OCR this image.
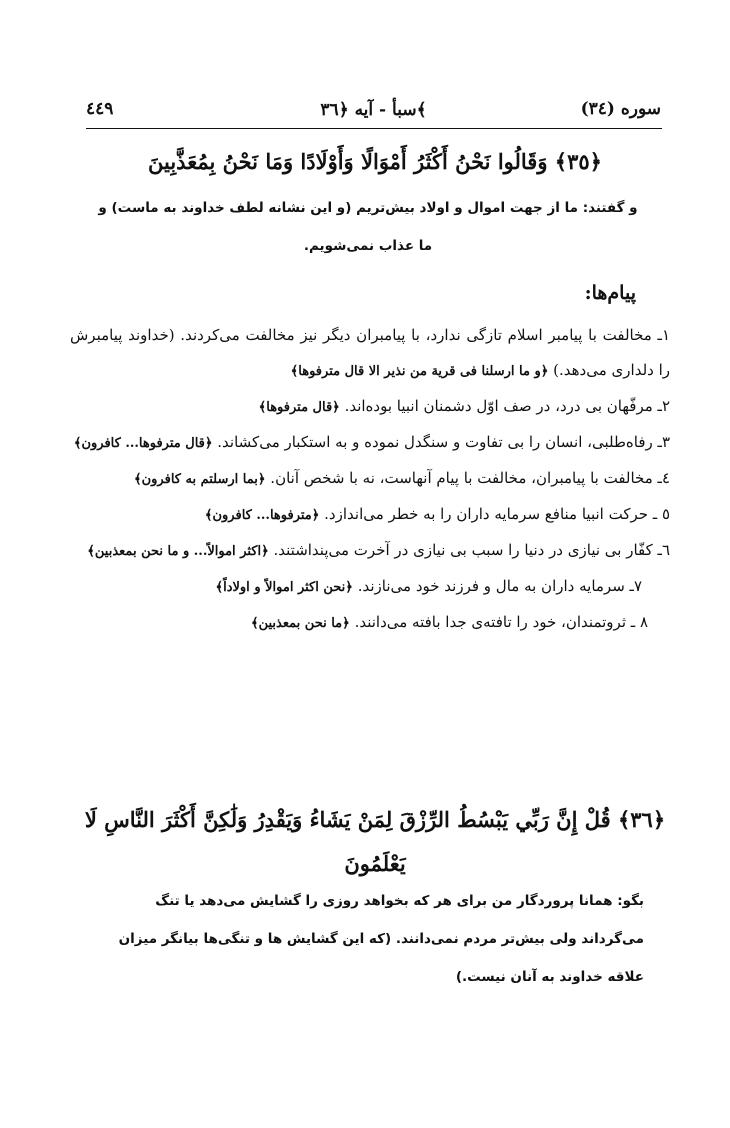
سوره (٣٤)
سبأ - آيه ﴿٣٦﴾
٤٤٩
﴿٣٥﴾ وَقَالُوا نَحْنُ أَكْثَرُ أَمْوَالًا وَأَوْلَادًا وَمَا نَحْنُ بِمُعَذَّبِينَ
و گفتند: ما از جهت اموال و اولاد بيش‌تريم (و اين نشانه لطف خداوند به ماست) و ما عذاب نمی‌شويم.
پيام‌ها:
١ـ مخالفت با پيامبر اسلام تازگی ندارد، با پيامبران ديگر نيز مخالفت می‌كردند. (خداوند پيامبرش را دلداری می‌دهد.) ﴿و ما ارسلنا فى قرية من نذير الا قال مترفوها﴾
٢ـ مرفّهان بی درد، در صف اوّل دشمنان انبيا بوده‌اند. ﴿قال مترفوها﴾
٣ـ رفاه‌طلبی، انسان را بی تفاوت و سنگدل نموده و به استكبار می‌كشاند. ﴿قال مترفوها... كافرون﴾
٤ـ مخالفت با پيامبران، مخالفت با پيام آنهاست، نه با شخص آنان. ﴿بما ارسلتم به كافرون﴾
٥ ـ حركت انبيا منافع سرمايه داران را به خطر می‌اندازد. ﴿مترفوها... كافرون﴾
٦ـ كفّار بی نيازی در دنيا را سبب بی نيازی در آخرت می‌پنداشتند. ﴿اكثر اموالاً... و ما نحن بمعذبين﴾
٧ـ سرمايه داران به مال و فرزند خود می‌نازند. ﴿نحن اكثر اموالاً و اولاداً﴾
٨ ـ ثروتمندان، خود را تافته‌ی جدا بافته می‌دانند. ﴿ما نحن بمعذبين﴾
﴿٣٦﴾ قُلْ إِنَّ رَبِّي يَبْسُطُ الرِّزْقَ لِمَنْ يَشَاءُ وَيَقْدِرُ وَلَٰكِنَّ أَكْثَرَ النَّاسِ لَا يَعْلَمُونَ
بگو: همانا پروردگار من برای هر كه بخواهد روزی را گشايش می‌دهد يا تنگ می‌گرداند ولی بيش‌تر مردم نمی‌دانند. (كه اين گشايش ها و تنگی‌ها بيانگر ميزان علاقه خداوند به آنان نيست.)
